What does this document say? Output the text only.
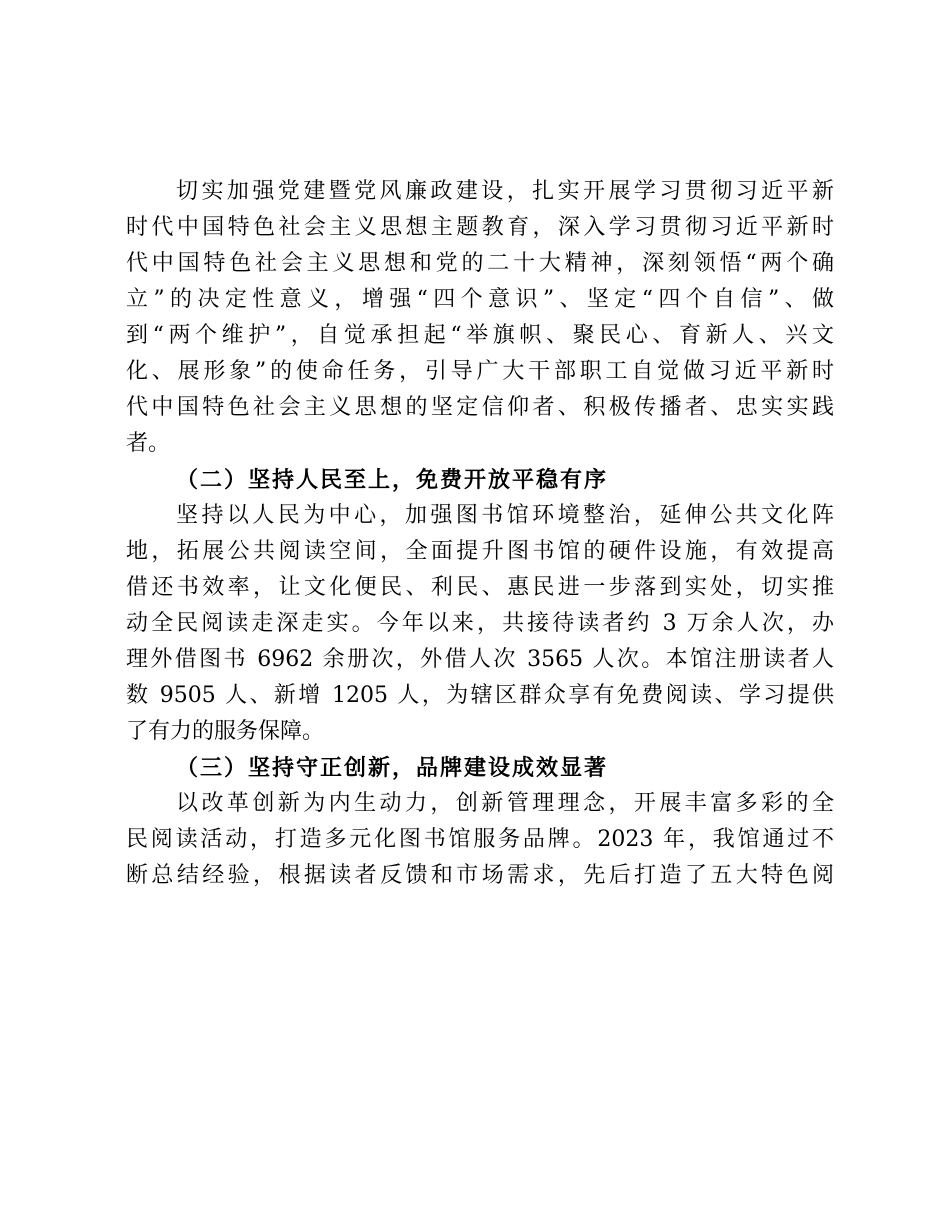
切实加强党建暨党风廉政建设，扎实开展学习贯彻习近平新
时代中国特色社会主义思想主题教育，深入学习贯彻习近平新时
代中国特色社会主义思想和党的二十大精神，深刻领悟“两个确
立”的决定性意义，增强“四个意识”、坚定“四个自信”、做
到“两个维护”，自觉承担起“举旗帜、聚民心、育新人、兴文
化、展形象”的使命任务，引导广大干部职工自觉做习近平新时
代中国特色社会主义思想的坚定信仰者、积极传播者、忠实实践
者。
（二）坚持人民至上，免费开放平稳有序
坚持以人民为中心，加强图书馆环境整治，延伸公共文化阵
地，拓展公共阅读空间，全面提升图书馆的硬件设施，有效提高
借还书效率，让文化便民、利民、惠民进一步落到实处，切实推
动全民阅读走深走实。今年以来，共接待读者约 3 万余人次，办
理外借图书 6962 余册次，外借人次 3565 人次。本馆注册读者人
数 9505 人、新增 1205 人，为辖区群众享有免费阅读、学习提供
了有力的服务保障。
（三）坚持守正创新，品牌建设成效显著
以改革创新为内生动力，创新管理理念，开展丰富多彩的全
民阅读活动，打造多元化图书馆服务品牌。2023 年，我馆通过不
断总结经验，根据读者反馈和市场需求，先后打造了五大特色阅
